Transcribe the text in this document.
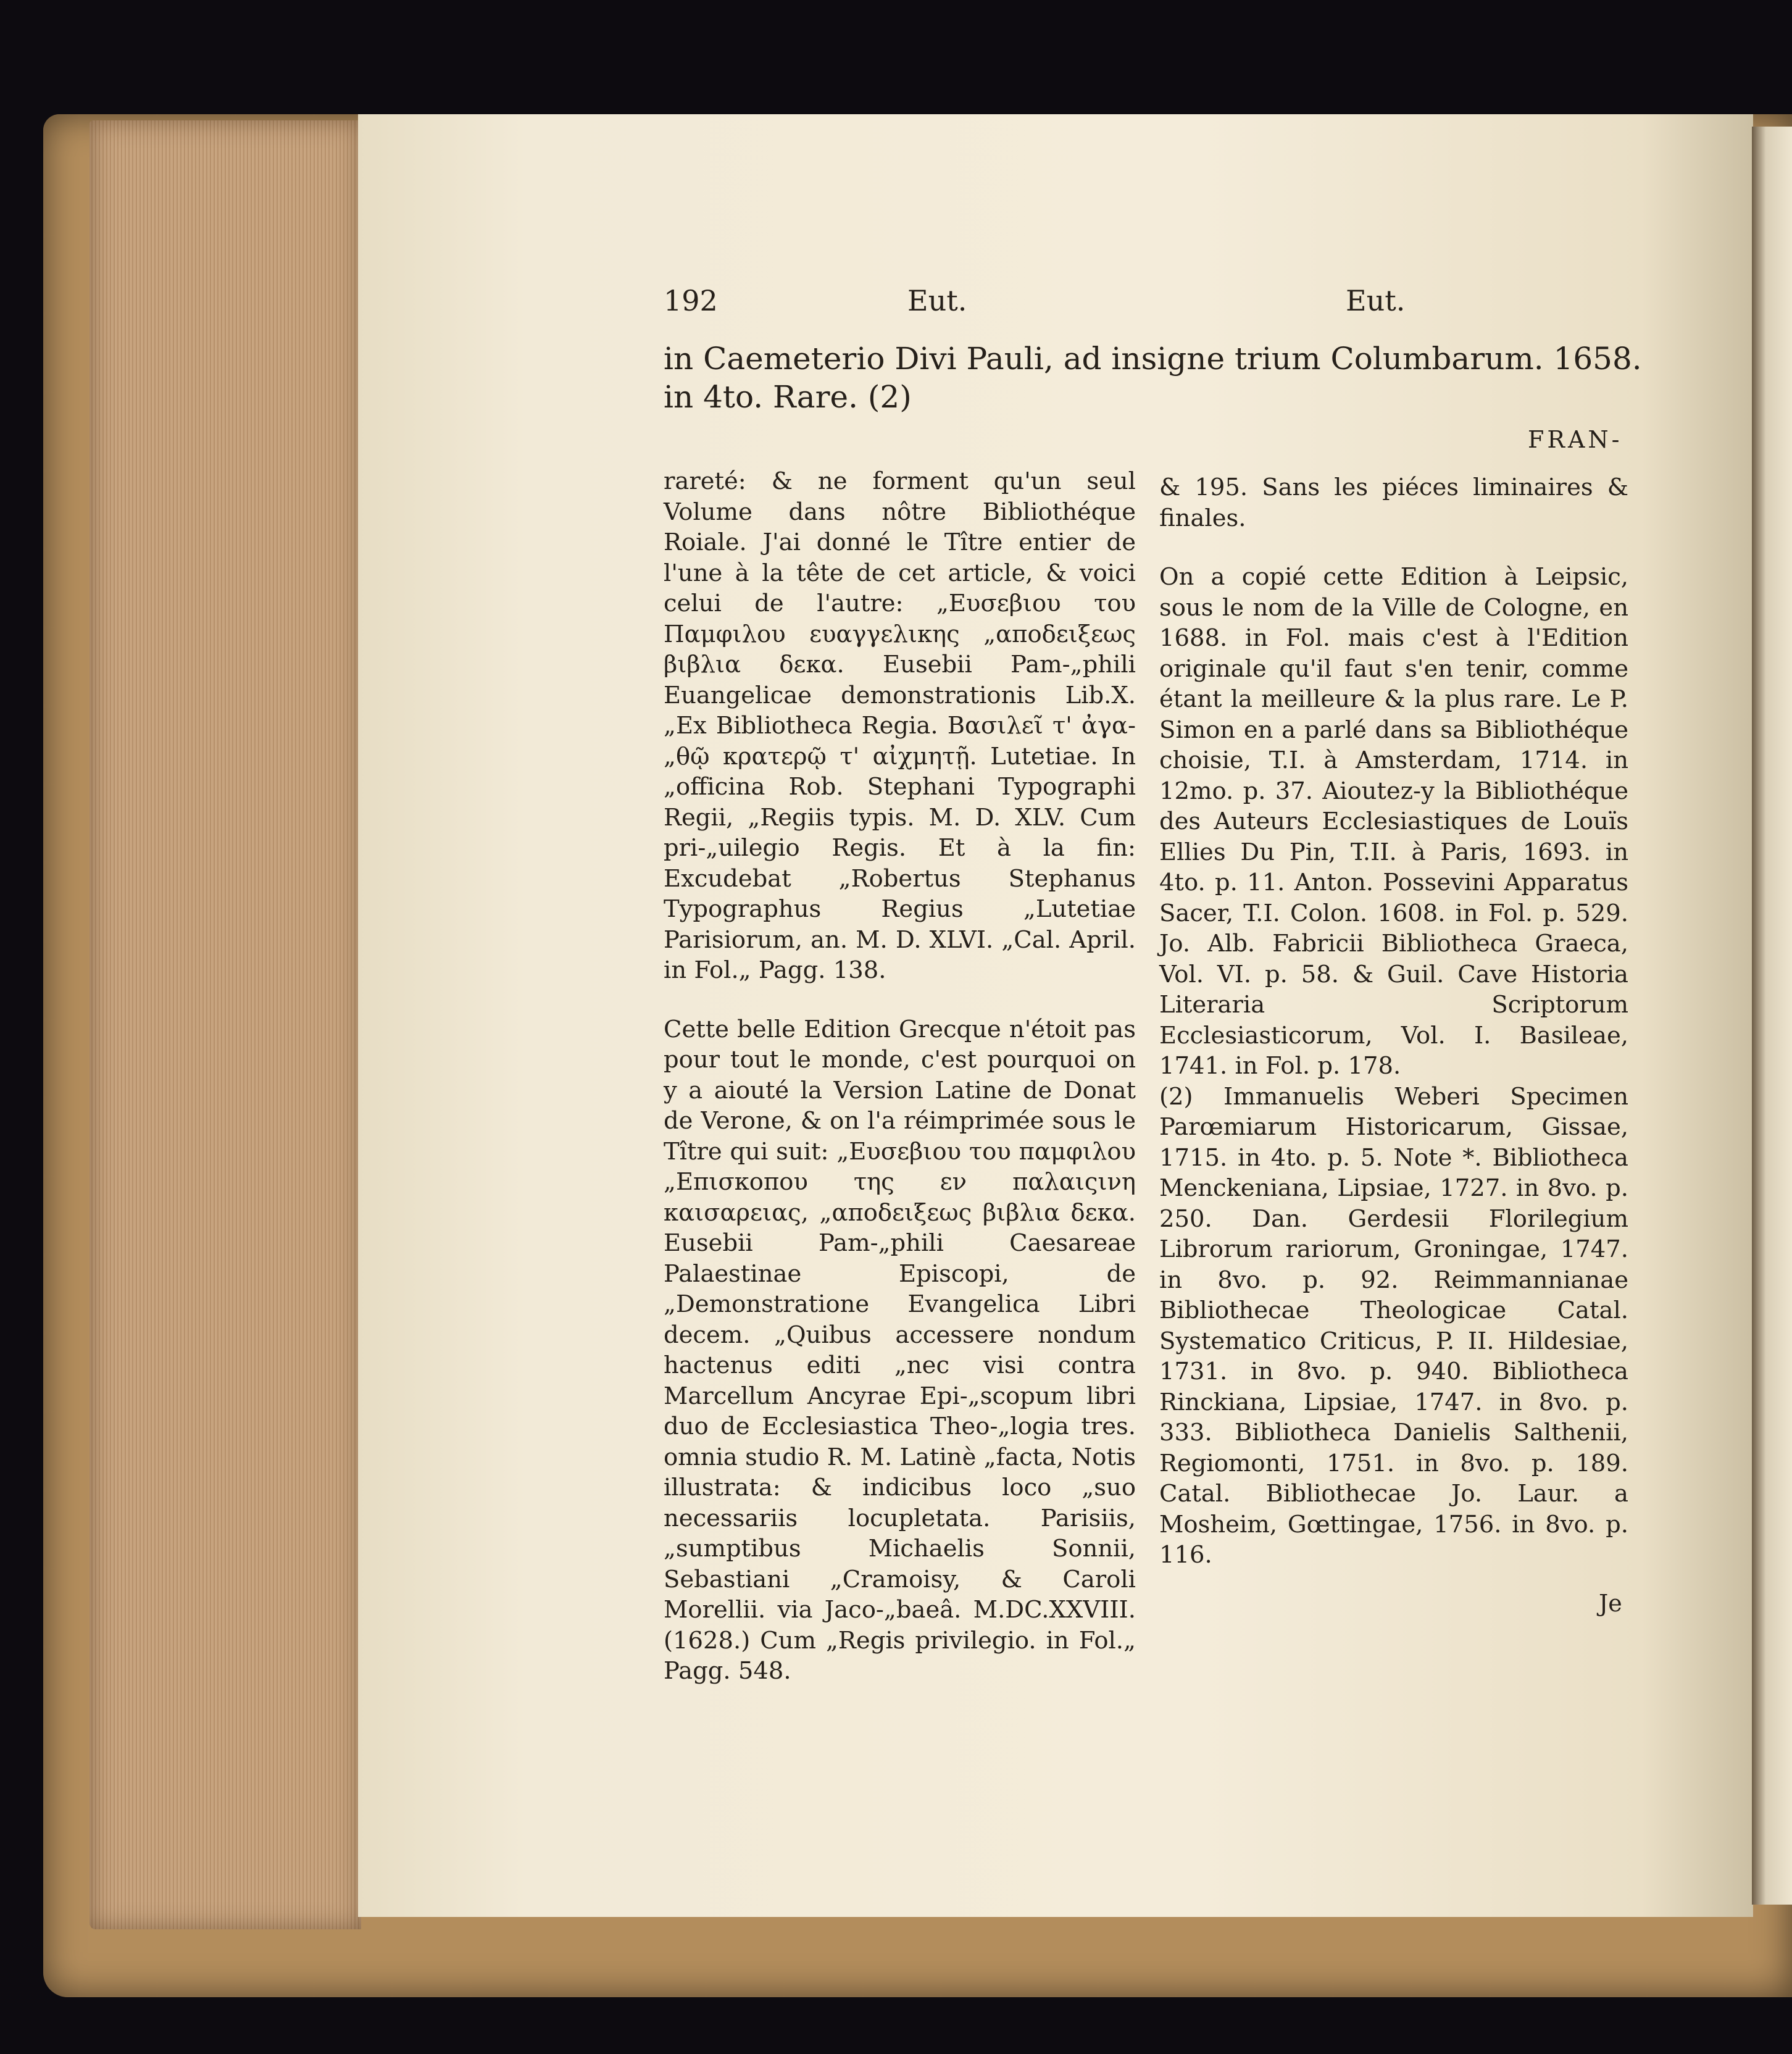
192	Eut.	Eut.

in Caemeterio Divi Pauli, ad insigne trium Columbarum. 1658.

in 4to. Rare. (2)

FRAN-

rareté: & ne forment qu'un seul Volume dans nôtre Bibliothéque Roiale. J'ai donné le Tître entier de l'une à la tête de cet article, & voici celui de l'autre: „Ευσεβιου του Παμφιλου ευαγγελικης „αποδειξεως βιβλια δεκα. Eusebii Pam-„phili Euangelicae demonstrationis Lib.X. „Ex Bibliotheca Regia. Βασιλεῖ τ' ἀγα-„θῷ κρατερῷ τ' αἰχμητῇ. Lutetiae. In „officina Rob. Stephani Typographi Regii, „Regiis typis. M. D. XLV. Cum pri-„uilegio Regis. Et à la fin: Excudebat „Robertus Stephanus Typographus Regius „Lutetiae Parisiorum, an. M. D. XLVI. „Cal. April. in Fol.„ Pagg. 138.

Cette belle Edition Grecque n'étoit pas pour tout le monde, c'est pourquoi on y a aiouté la Version Latine de Donat de Verone, & on l'a réimprimée sous le Tître qui suit: „Ευσεβιου του παμφιλου „Επισκοπου της εν παλαιςινη καισαρειας, „αποδειξεως βιβλια δεκα. Eusebii Pam-„phili Caesareae Palaestinae Episcopi, de „Demonstratione Evangelica Libri decem. „Quibus accessere nondum hactenus editi „nec visi contra Marcellum Ancyrae Epi-„scopum libri duo de Ecclesiastica Theo-„logia tres. omnia studio R. M. Latinè „facta, Notis illustrata: & indicibus loco „suo necessariis locupletata. Parisiis, „sumptibus Michaelis Sonnii, Sebastiani „Cramoisy, & Caroli Morellii. via Jaco-„baeâ. M.DC.XXVIII. (1628.) Cum „Regis privilegio. in Fol.„ Pagg. 548.

& 195. Sans les piéces liminaires & finales.

On a copié cette Edition à Leipsic, sous le nom de la Ville de Cologne, en 1688. in Fol. mais c'est à l'Edition originale qu'il faut s'en tenir, comme étant la meilleure & la plus rare. Le P. Simon en a parlé dans sa Bibliothéque choisie, T.I. à Amsterdam, 1714. in 12mo. p. 37. Aioutez-y la Bibliothéque des Auteurs Ecclesiastiques de Louïs Ellies Du Pin, T.II. à Paris, 1693. in 4to. p. 11. Anton. Possevini Apparatus Sacer, T.I. Colon. 1608. in Fol. p. 529. Jo. Alb. Fabricii Bibliotheca Graeca, Vol. VI. p. 58. & Guil. Cave Historia Literaria Scriptorum Ecclesiasticorum, Vol. I. Basileae, 1741. in Fol. p. 178.

(2) Immanuelis Weberi Specimen Parœmiarum Historicarum, Gissae, 1715. in 4to. p. 5. Note *. Bibliotheca Menckeniana, Lipsiae, 1727. in 8vo. p. 250. Dan. Gerdesii Florilegium Librorum rariorum, Groningae, 1747. in 8vo. p. 92. Reimmannianae Bibliothecae Theologicae Catal. Systematico Criticus, P. II. Hildesiae, 1731. in 8vo. p. 940. Bibliotheca Rinckiana, Lipsiae, 1747. in 8vo. p. 333. Bibliotheca Danielis Salthenii, Regiomonti, 1751. in 8vo. p. 189. Catal. Bibliothecae Jo. Laur. a Mosheim, Gœttingae, 1756. in 8vo. p. 116.

Je
